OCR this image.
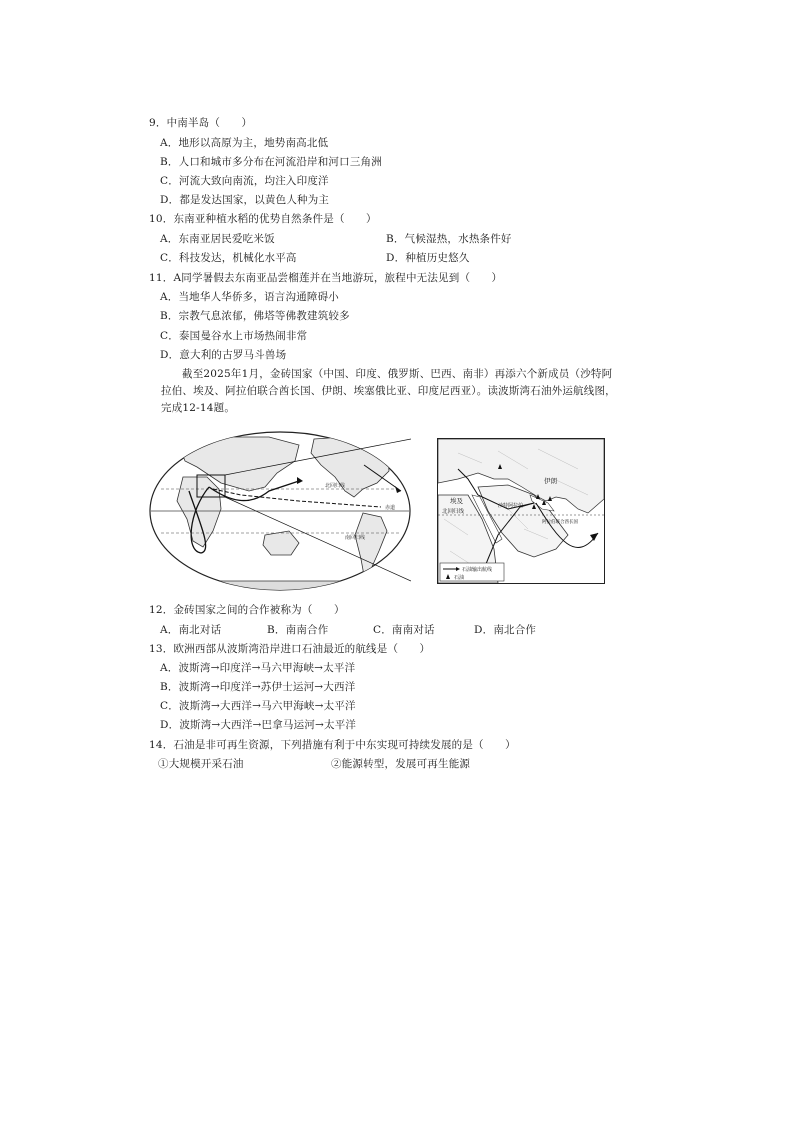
9．中南半岛（　　）
A．地形以高原为主，地势南高北低
B．人口和城市多分布在河流沿岸和河口三角洲
C．河流大致向南流，均注入印度洋
D．都是发达国家，以黄色人种为主
10．东南亚种植水稻的优势自然条件是（　　）
A．东南亚居民爱吃米饭	B．气候湿热，水热条件好
C．科技发达，机械化水平高	D．种植历史悠久
11．A同学暑假去东南亚品尝榴莲并在当地游玩，旅程中无法见到（　　）
A．当地华人华侨多，语言沟通障碍小
B．宗教气息浓郁，佛塔等佛教建筑较多
C．泰国曼谷水上市场热闹非常
D．意大利的古罗马斗兽场
截至2025年1月，金砖国家（中国、印度、俄罗斯、巴西、南非）再添六个新成员（沙特阿拉伯、埃及、阿拉伯联合酋长国、伊朗、埃塞俄比亚、印度尼西亚）。读波斯湾石油外运航线图，完成12-14题。
北回归线
赤道
南回归线
北回归线
伊朗
埃及
沙特阿拉伯
阿拉伯联合酋长国
石油输出航线
石油
12．金砖国家之间的合作被称为（　　）
A．南北对话	B．南南合作	C．南南对话	D．南北合作
13．欧洲西部从波斯湾沿岸进口石油最近的航线是（　　）
A．波斯湾→印度洋→马六甲海峡→太平洋
B．波斯湾→印度洋→苏伊士运河→大西洋
C．波斯湾→大西洋→马六甲海峡→太平洋
D．波斯湾→大西洋→巴拿马运河→太平洋
14．石油是非可再生资源，下列措施有利于中东实现可持续发展的是（　　）
①大规模开采石油	②能源转型，发展可再生能源
